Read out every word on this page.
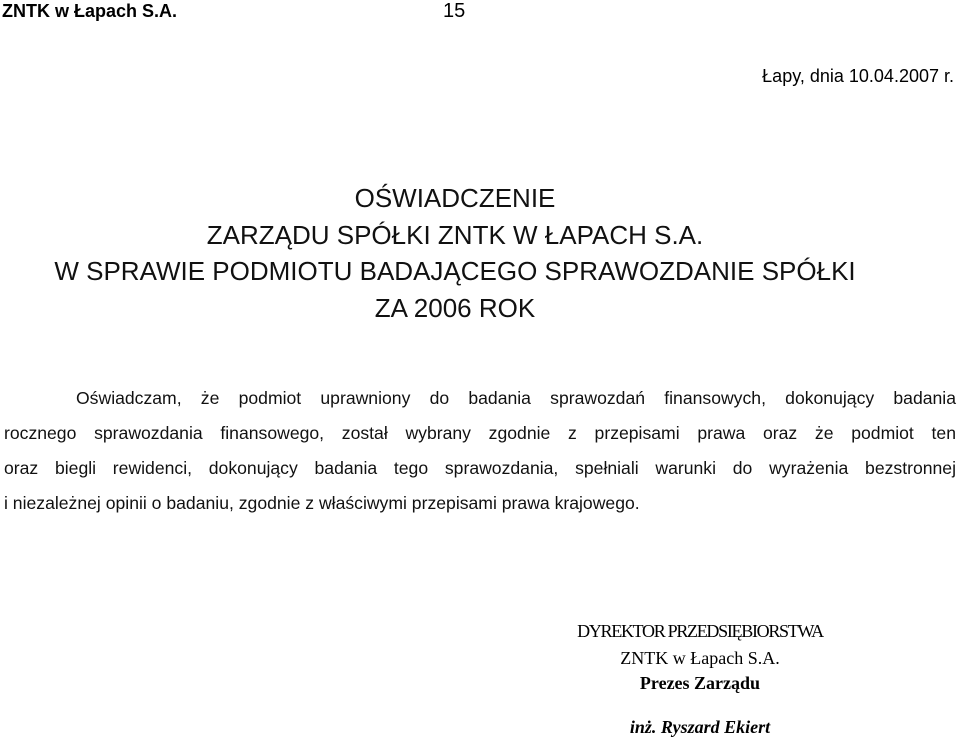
ZNTK w Łapach S.A.	15
Łapy, dnia 10.04.2007 r.
OŚWIADCZENIE
ZARZĄDU SPÓŁKI ZNTK W ŁAPACH S.A.
W SPRAWIE PODMIOTU BADAJĄCEGO SPRAWOZDANIE SPÓŁKI
ZA 2006 ROK
Oświadczam, że podmiot uprawniony do badania sprawozdań finansowych, dokonujący badania
rocznego sprawozdania finansowego, został wybrany zgodnie z przepisami prawa oraz że podmiot ten
oraz biegli rewidenci, dokonujący badania tego sprawozdania, spełniali warunki do wyrażenia bezstronnej
i niezależnej opinii o badaniu, zgodnie z właściwymi przepisami prawa krajowego.
DYREKTOR PRZEDSIĘBIORSTWA
ZNTK w Łapach S.A.
Prezes Zarządu
inż. Ryszard Ekiert
